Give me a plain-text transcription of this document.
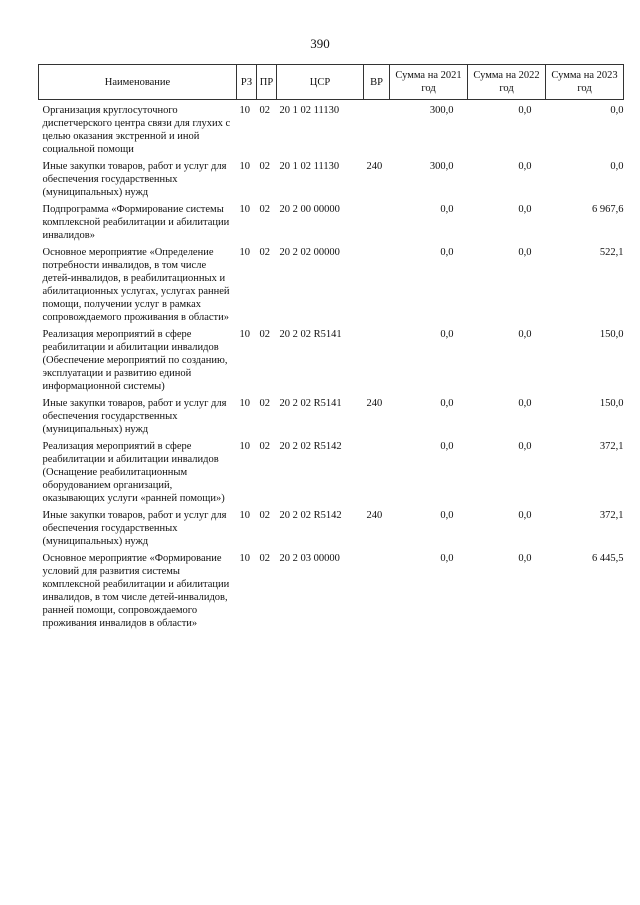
390
Наименование	РЗ	ПР	ЦСР	ВР	Сумма на 2021 год	Сумма на 2022 год	Сумма на 2023 год
Организация круглосуточного диспетчерского центра связи для глухих с целью оказания экстренной и иной социальной помощи	10	02	20 1 02 11130		300,0	0,0	0,0
Иные закупки товаров, работ и услуг для обеспечения государственных (муниципальных) нужд	10	02	20 1 02 11130	240	300,0	0,0	0,0
Подпрограмма «Формирование системы комплексной реабилитации и абилитации инвалидов»	10	02	20 2 00 00000		0,0	0,0	6 967,6
Основное мероприятие «Определение потребности инвалидов, в том числе детей-инвалидов, в реабилитационных и абилитационных услугах, услугах ранней помощи, получении услуг в рамках сопровождаемого проживания в области»	10	02	20 2 02 00000		0,0	0,0	522,1
Реализация мероприятий в сфере реабилитации и абилитации инвалидов (Обеспечение мероприятий по созданию, эксплуатации и развитию единой информационной системы)	10	02	20 2 02 R5141		0,0	0,0	150,0
Иные закупки товаров, работ и услуг для обеспечения государственных (муниципальных) нужд	10	02	20 2 02 R5141	240	0,0	0,0	150,0
Реализация мероприятий в сфере реабилитации и абилитации инвалидов (Оснащение реабилитационным оборудованием организаций, оказывающих услуги «ранней помощи»)	10	02	20 2 02 R5142		0,0	0,0	372,1
Иные закупки товаров, работ и услуг для обеспечения государственных (муниципальных) нужд	10	02	20 2 02 R5142	240	0,0	0,0	372,1
Основное мероприятие «Формирование условий для развития системы комплексной реабилитации и абилитации инвалидов, в том числе детей-инвалидов, ранней помощи, сопровождаемого проживания инвалидов в области»	10	02	20 2 03 00000		0,0	0,0	6 445,5
